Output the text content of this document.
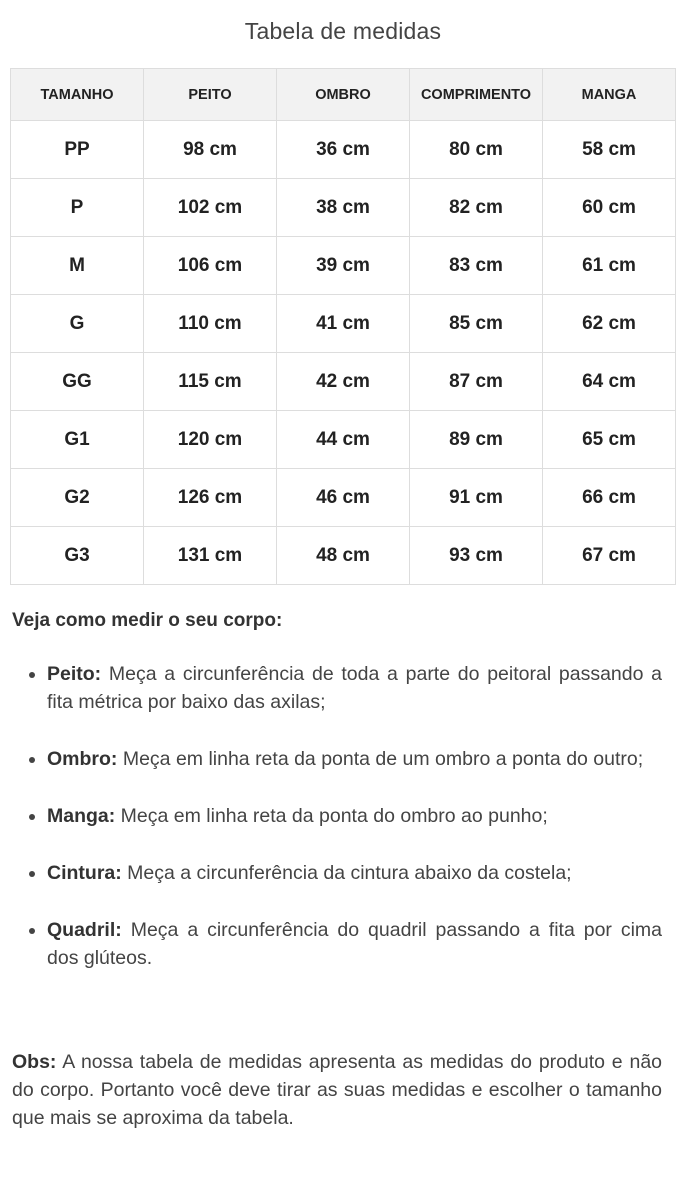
Tabela de medidas
TAMANHO	PEITO	OMBRO	COMPRIMENTO	MANGA
PP	98 cm	36 cm	80 cm	58 cm
P	102 cm	38 cm	82 cm	60 cm
M	106 cm	39 cm	83 cm	61 cm
G	110 cm	41 cm	85 cm	62 cm
GG	115 cm	42 cm	87 cm	64 cm
G1	120 cm	44 cm	89 cm	65 cm
G2	126 cm	46 cm	91 cm	66 cm
G3	131 cm	48 cm	93 cm	67 cm
Veja como medir o seu corpo:
• Peito: Meça a circunferência de toda a parte do peitoral passando a fita métrica por baixo das axilas;
• Ombro: Meça em linha reta da ponta de um ombro a ponta do outro;
• Manga: Meça em linha reta da ponta do ombro ao punho;
• Cintura: Meça a circunferência da cintura abaixo da costela;
• Quadril: Meça a circunferência do quadril passando a fita por cima dos glúteos.

Obs: A nossa tabela de medidas apresenta as medidas do produto e não do corpo. Portanto você deve tirar as suas medidas e escolher o tamanho que mais se aproxima da tabela.
